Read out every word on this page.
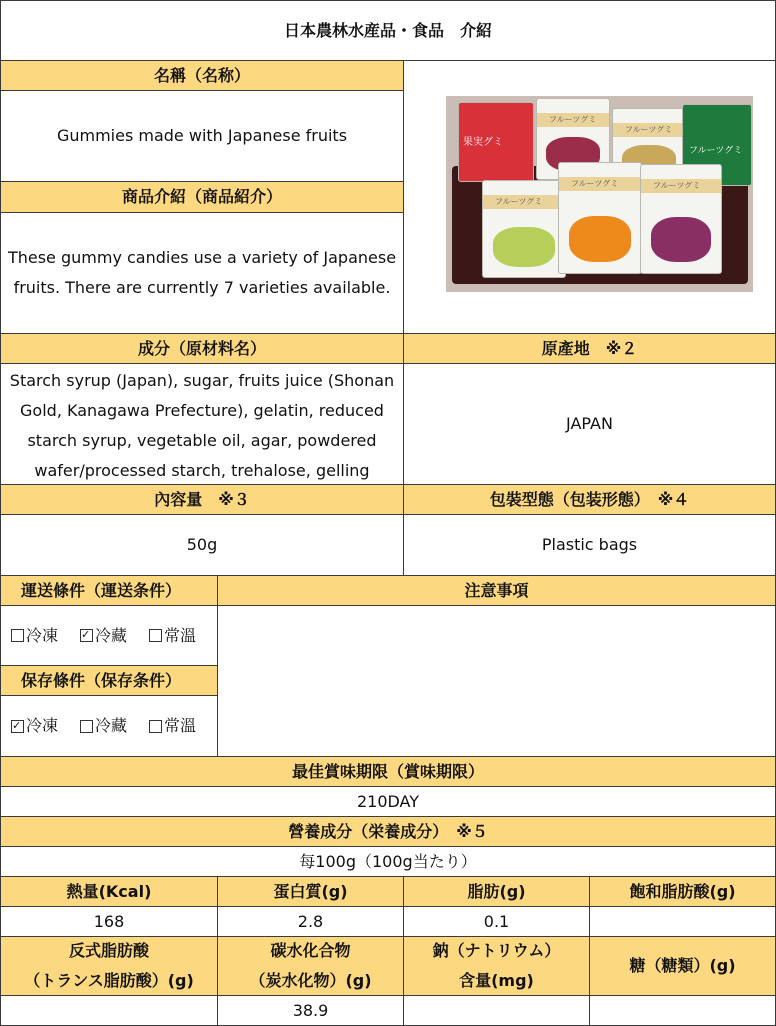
日本農林水産品・食品　介紹
名稱（名称）
Gummies made with Japanese fruits
商品介紹（商品紹介）
These gummy candies use a variety of Japanese fruits. There are currently 7 varieties available.
果実グミ
フルーツグミ
フルーツグミ
フルーツグミ
フルーツグミ
フルーツグミ	フルーツグミ
成分（原材料名）
Starch syrup (Japan), sugar, fruits juice (Shonan Gold, Kanagawa Prefecture), gelatin, reduced starch syrup, vegetable oil, agar, powdered wafer/processed starch, trehalose, gelling
原產地　※２
JAPAN
內容量　※３
50g
包裝型態（包装形態）　※４
Plastic bags
運送條件（運送条件）
冷凍
✓ 冷藏 常溫
保存條件（保存条件）
✓
冷凍 冷藏 常溫
注意事項
最佳賞味期限（賞味期限）
210DAY
營養成分（栄養成分）　※５
每100g（100g当たり）
熱量(Kcal)	蛋白質(g)	脂肪(g)	飽和脂肪酸(g)
168	2.8	0.1
反式脂肪酸
（トランス脂肪酸）(g)
碳水化合物
（炭水化物）(g)
鈉（ナトリウム）
含量(mg)
糖（糖類）(g)
38.9
